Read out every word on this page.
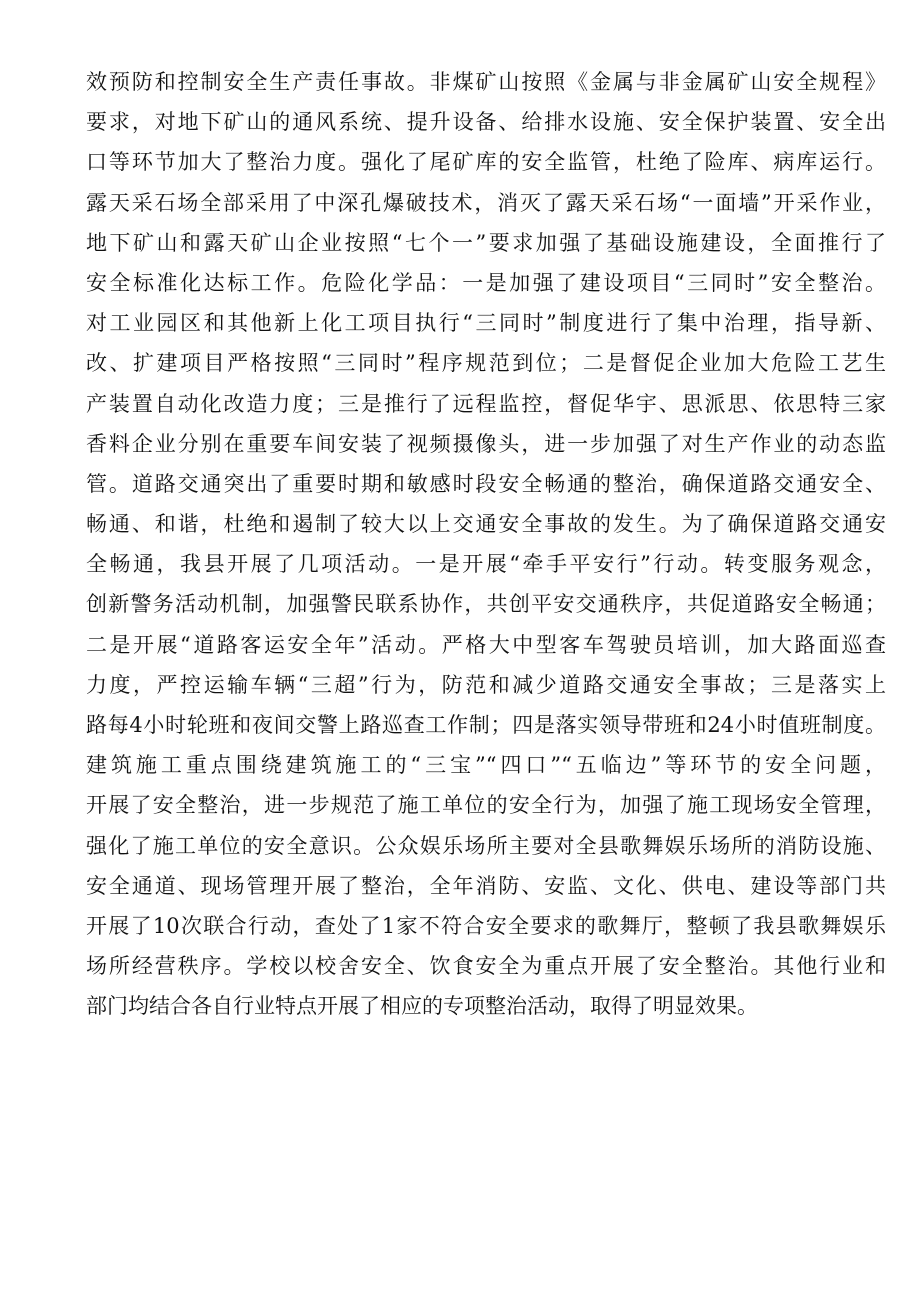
效预防和控制安全生产责任事故。非煤矿山按照《金属与非金属矿山安全规程》
要求，对地下矿山的通风系统、提升设备、给排水设施、安全保护装置、安全出
口等环节加大了整治力度。强化了尾矿库的安全监管，杜绝了险库、病库运行。
露天采石场全部采用了中深孔爆破技术，消灭了露天采石场“一面墙”开采作业，
地下矿山和露天矿山企业按照“七个一”要求加强了基础设施建设，全面推行了
安全标准化达标工作。危险化学品：一是加强了建设项目“三同时”安全整治。
对工业园区和其他新上化工项目执行“三同时”制度进行了集中治理，指导新、
改、扩建项目严格按照“三同时”程序规范到位；二是督促企业加大危险工艺生
产装置自动化改造力度；三是推行了远程监控，督促华宇、思派思、依思特三家
香料企业分别在重要车间安装了视频摄像头，进一步加强了对生产作业的动态监
管。道路交通突出了重要时期和敏感时段安全畅通的整治，确保道路交通安全、
畅通、和谐，杜绝和遏制了较大以上交通安全事故的发生。为了确保道路交通安
全畅通，我县开展了几项活动。一是开展“牵手平安行”行动。转变服务观念，
创新警务活动机制，加强警民联系协作，共创平安交通秩序，共促道路安全畅通；
二是开展“道路客运安全年”活动。严格大中型客车驾驶员培训，加大路面巡查
力度，严控运输车辆“三超”行为，防范和减少道路交通安全事故；三是落实上
路每4小时轮班和夜间交警上路巡查工作制；四是落实领导带班和24小时值班制度。
建筑施工重点围绕建筑施工的“三宝”“四口”“五临边”等环节的安全问题，
开展了安全整治，进一步规范了施工单位的安全行为，加强了施工现场安全管理，
强化了施工单位的安全意识。公众娱乐场所主要对全县歌舞娱乐场所的消防设施、
安全通道、现场管理开展了整治，全年消防、安监、文化、供电、建设等部门共
开展了10次联合行动，查处了1家不符合安全要求的歌舞厅，整顿了我县歌舞娱乐
场所经营秩序。学校以校舍安全、饮食安全为重点开展了安全整治。其他行业和
部门均结合各自行业特点开展了相应的专项整治活动，取得了明显效果。
